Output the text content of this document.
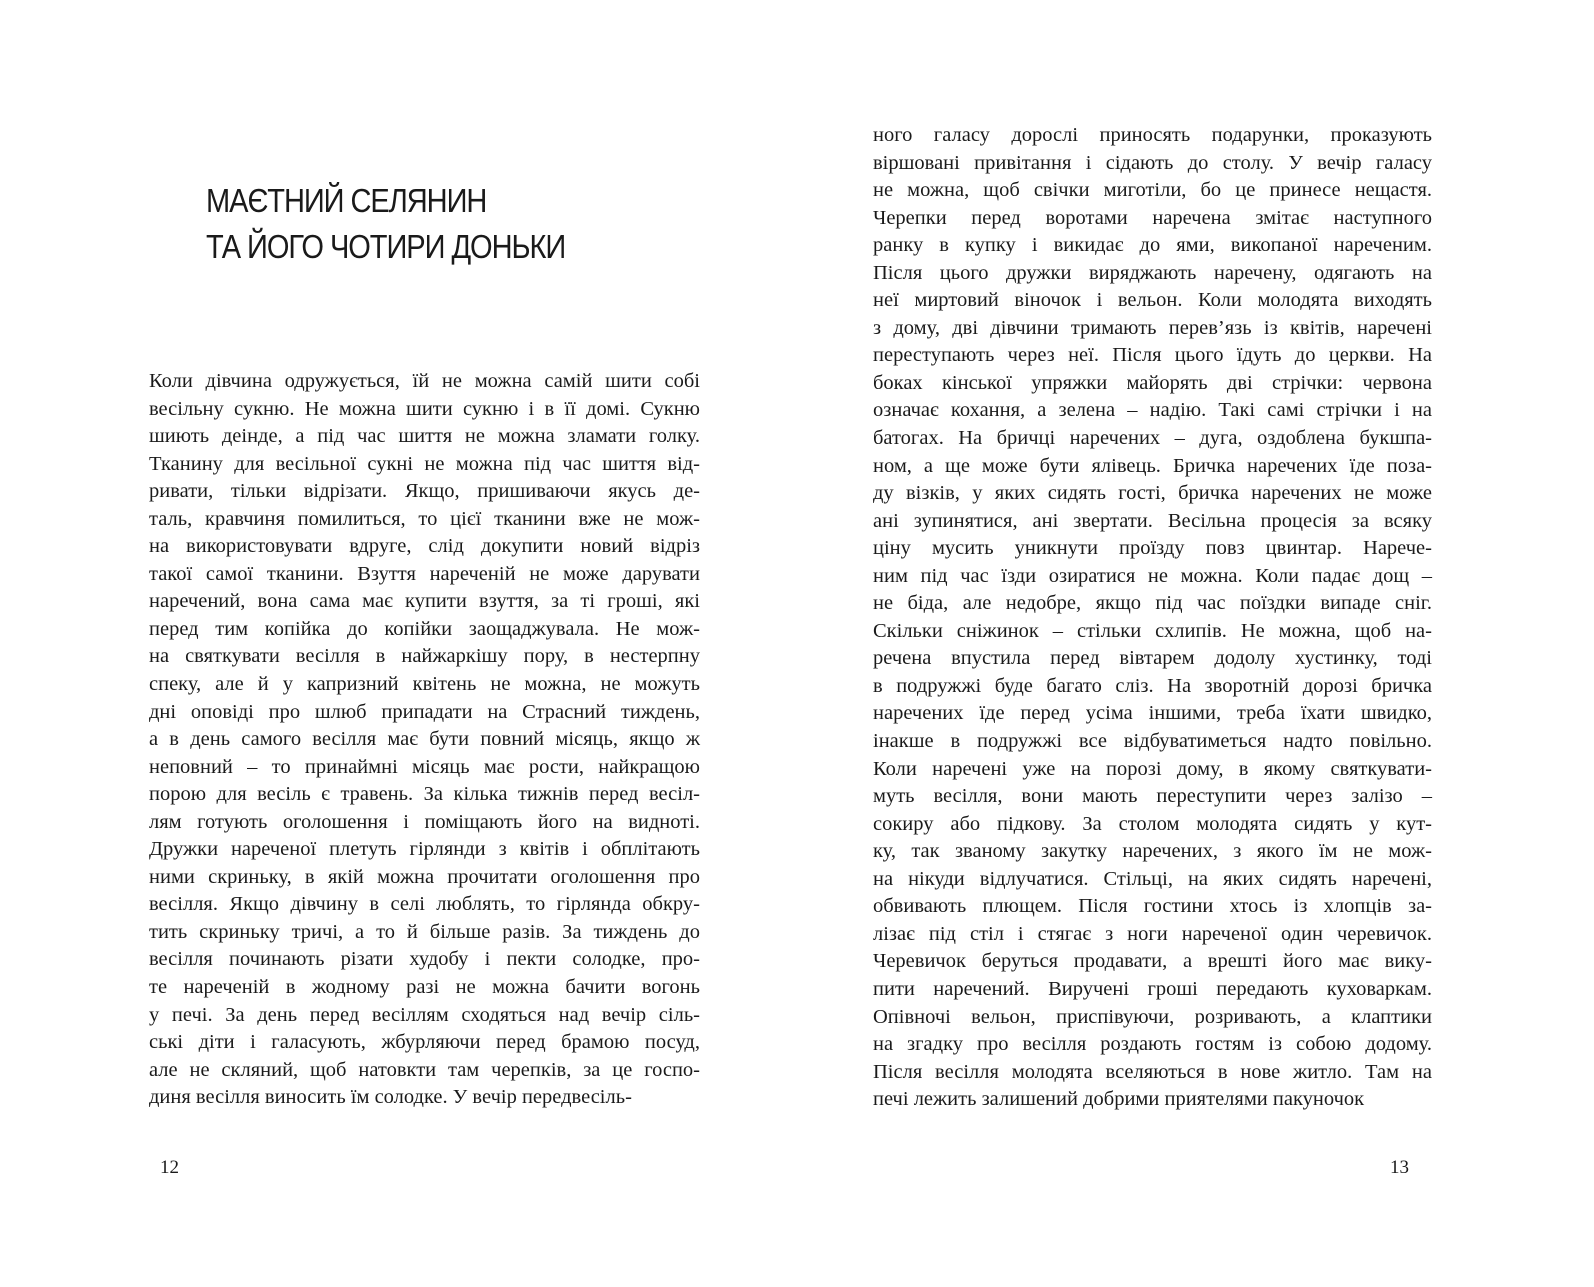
МАЄТНИЙ СЕЛЯНИН
ТА ЙОГО ЧОТИРИ ДОНЬКИ
Коли дівчина одружується, їй не можна самій шити собі
весільну сукню. Не можна шити сукню і в її домі. Сукню
шиють деінде, а під час шиття не можна зламати голку.
Тканину для весільної сукні не можна під час шиття від-
ривати, тільки відрізати. Якщо, пришиваючи якусь де-
таль, кравчиня помилиться, то цієї тканини вже не мож-
на використовувати вдруге, слід докупити новий відріз
такої самої тканини. Взуття нареченій не може дарувати
наречений, вона сама має купити взуття, за ті гроші, які
перед тим копійка до копійки заощаджувала. Не мож-
на святкувати весілля в найжаркішу пору, в нестерпну
спеку, але й у капризний квітень не можна, не можуть
дні оповіді про шлюб припадати на Страсний тиждень,
а в день самого весілля має бути повний місяць, якщо ж
неповний – то принаймні місяць має рости, найкращою
порою для весіль є травень. За кілька тижнів перед весіл-
лям готують оголошення і поміщають його на видноті.
Дружки нареченої плетуть гірлянди з квітів і обплітають
ними скриньку, в якій можна прочитати оголошення про
весілля. Якщо дівчину в селі люблять, то гірлянда обкру-
тить скриньку тричі, а то й більше разів. За тиждень до
весілля починають різати худобу і пекти солодке, про-
те нареченій в жодному разі не можна бачити вогонь
у печі. За день перед весіллям сходяться над вечір сіль-
ські діти і галасують, жбурляючи перед брамою посуд,
але не скляний, щоб натовкти там черепків, за це госпо-
диня весілля виносить їм солодке. У вечір передвесіль-
12
ного галасу дорослі приносять подарунки, проказують
віршовані привітання і сідають до столу. У вечір галасу
не можна, щоб свічки миготіли, бо це принесе нещастя.
Черепки перед воротами наречена змітає наступного
ранку в купку і викидає до ями, викопаної нареченим.
Після цього дружки виряджають наречену, одягають на
неї миртовий віночок і вельон. Коли молодята виходять
з дому, дві дівчини тримають перев’язь із квітів, наречені
переступають через неї. Після цього їдуть до церкви. На
боках кінської упряжки майорять дві стрічки: червона
означає кохання, а зелена – надію. Такі самі стрічки і на
батогах. На бричці наречених – дуга, оздоблена букшпа-
ном, а ще може бути ялівець. Бричка наречених їде поза-
ду візків, у яких сидять гості, бричка наречених не може
ані зупинятися, ані звертати. Весільна процесія за всяку
ціну мусить уникнути проїзду повз цвинтар. Нарече-
ним під час їзди озиратися не можна. Коли падає дощ –
не біда, але недобре, якщо під час поїздки випаде сніг.
Скільки сніжинок – стільки схлипів. Не можна, щоб на-
речена впустила перед вівтарем додолу хустинку, тоді
в подружжі буде багато сліз. На зворотній дорозі бричка
наречених їде перед усіма іншими, треба їхати швидко,
інакше в подружжі все відбуватиметься надто повільно.
Коли наречені уже на порозі дому, в якому святкувати-
муть весілля, вони мають переступити через залізо –
сокиру або підкову. За столом молодята сидять у кут-
ку, так званому закутку наречених, з якого їм не мож-
на нікуди відлучатися. Стільці, на яких сидять наречені,
обвивають плющем. Після гостини хтось із хлопців за-
лізає під стіл і стягає з ноги нареченої один черевичок.
Черевичок беруться продавати, а врешті його має вику-
пити наречений. Виручені гроші передають куховаркам.
Опівночі вельон, приспівуючи, розривають, а клаптики
на згадку про весілля роздають гостям із собою додому.
Після весілля молодята вселяються в нове житло. Там на
печі лежить залишений добрими приятелями пакуночок
13
